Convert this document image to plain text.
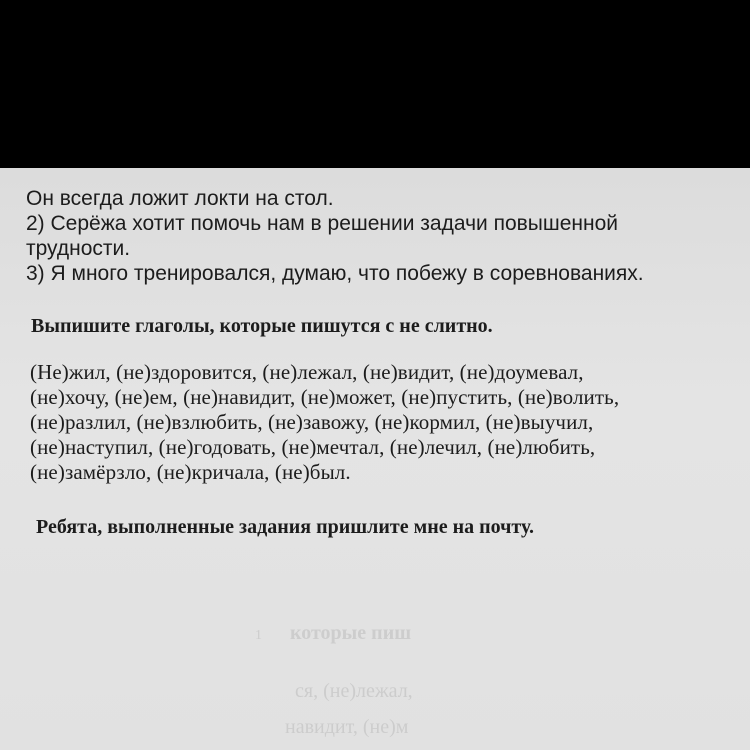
1 которые пиш
ся, (не)лежал,
навидит, (не)м
Он всегда ложит локти на стол.
2) Серёжа хотит помочь нам в решении задачи повышенной
трудности.
3) Я много тренировался, думаю, что побежу в соревнованиях.
Выпишите глаголы, которые пишутся с не слитно.
(Не)жил, (не)здоровится, (не)лежал, (не)видит, (не)доумевал,
(не)хочу, (не)ем, (не)навидит, (не)может, (не)пустить, (не)волить,
(не)разлил, (не)взлюбить, (не)завожу, (не)кормил, (не)выучил,
(не)наступил, (не)годовать, (не)мечтал, (не)лечил, (не)любить,
(не)замёрзло, (не)кричала, (не)был.
Ребята, выполненные задания пришлите мне на почту.
